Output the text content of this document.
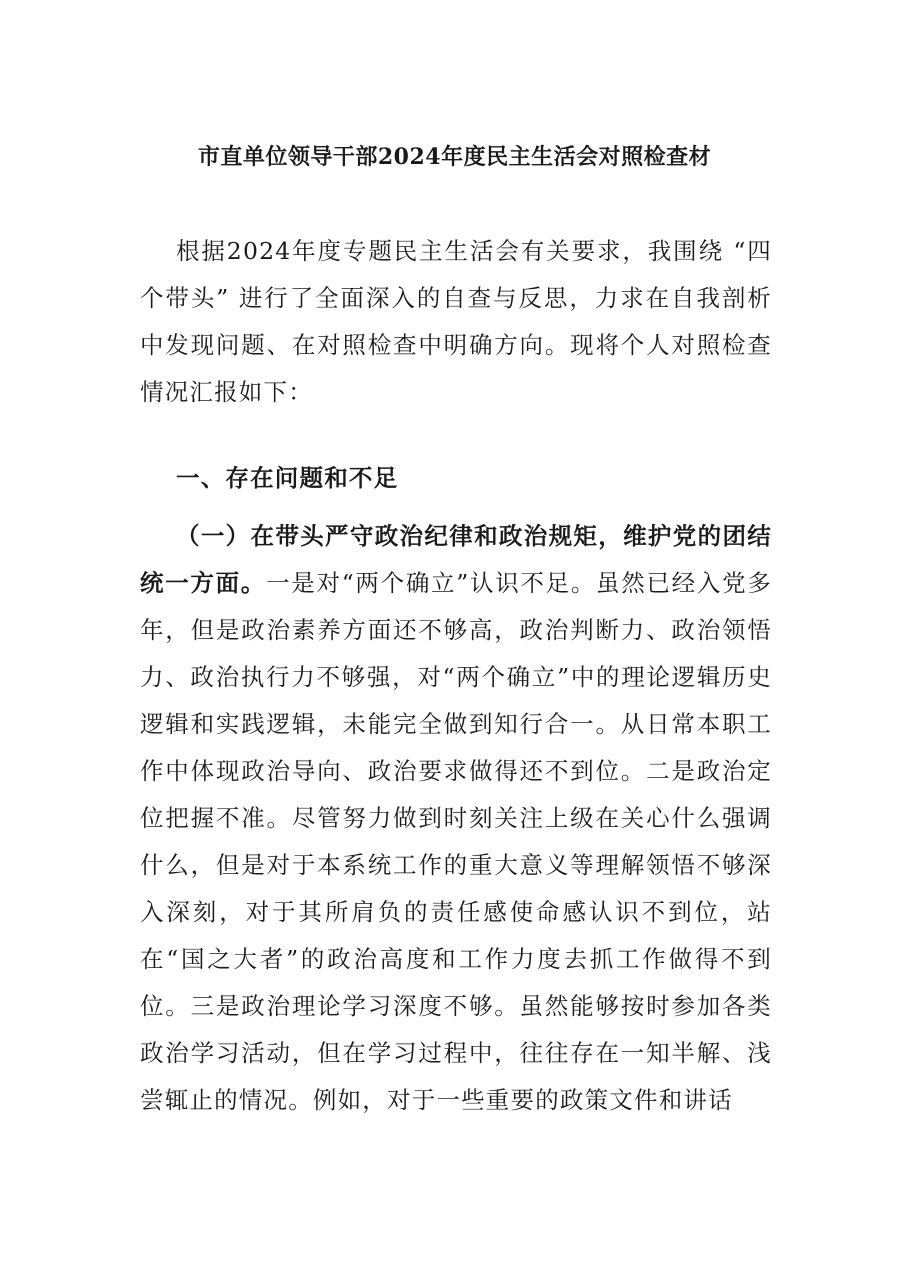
市直单位领导干部2024年度民主生活会对照检查材
根据2024年度专题民主生活会有关要求，我围绕 “四个带头” 进行了全面深入的自查与反思，力求在自我剖析中发现问题、在对照检查中明确方向。现将个人对照检查情况汇报如下：
一、存在问题和不足
（一）在带头严守政治纪律和政治规矩，维护党的团结统一方面。一是对“两个确立”认识不足。虽然已经入党多年，但是政治素养方面还不够高，政治判断力、政治领悟力、政治执行力不够强，对“两个确立”中的理论逻辑历史逻辑和实践逻辑，未能完全做到知行合一。从日常本职工作中体现政治导向、政治要求做得还不到位。二是政治定位把握不准。尽管努力做到时刻关注上级在关心什么强调什么，但是对于本系统工作的重大意义等理解领悟不够深入深刻，对于其所肩负的责任感使命感认识不到位，站在“国之大者”的政治高度和工作力度去抓工作做得不到位。三是政治理论学习深度不够。虽然能够按时参加各类政治学习活动，但在学习过程中，往往存在一知半解、浅尝辄止的情况。例如，对于一些重要的政策文件和讲话
